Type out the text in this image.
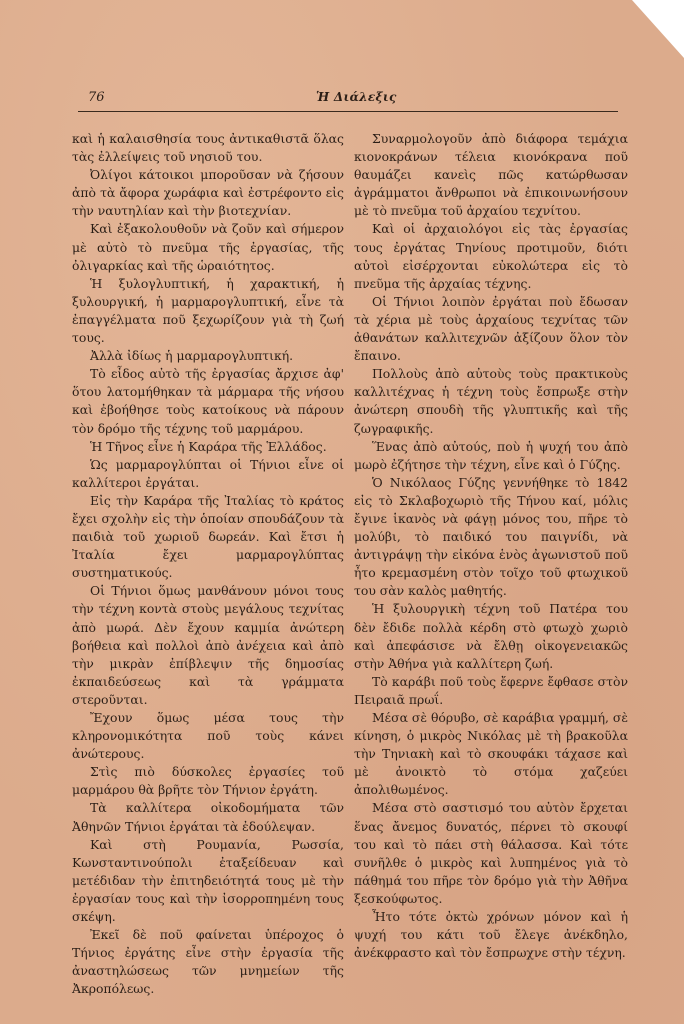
76	Ἡ Διάλεξις

καὶ ἡ καλαισθησία τους ἀντικαθιστᾶ ὅλας τὰς ἐλλείψεις τοῦ νησιοῦ του.

Ὀλίγοι κάτοικοι μποροῦσαν νὰ ζήσουν ἀπὸ τὰ ἄφορα χωράφια καὶ ἐστρέφοντο εἰς τὴν ναυτηλίαν καὶ τὴν βιοτεχνίαν.

Καὶ ἐξακολουθοῦν νὰ ζοῦν καὶ σήμερον μὲ αὐτὸ τὸ πνεῦμα τῆς ἐργασίας, τῆς ὀλιγαρκίας καὶ τῆς ὡραιότητος.

Ἡ ξυλογλυπτική, ἡ χαρακτική, ἡ ξυλουργική, ἡ μαρμαρογλυπτική, εἶνε τὰ ἐπαγγέλματα ποῦ ξεχωρίζουν γιὰ τὴ ζωή τους.

Ἀλλὰ ἰδίως ἡ μαρμαρογλυπτική.

Τὸ εἶδος αὐτὸ τῆς ἐργασίας ἄρχισε ἀφ' ὅτου λατομήθηκαν τὰ μάρμαρα τῆς νήσου καὶ ἐβοήθησε τοὺς κατοίκους νὰ πάρουν τὸν δρόμο τῆς τέχνης τοῦ μαρμάρου.

Ἡ Τῆνος εἶνε ἡ Καράρα τῆς Ἑλλάδος.

Ὡς μαρμαρογλύπται οἱ Τήνιοι εἶνε οἱ καλλίτεροι ἐργάται.

Εἰς τὴν Καράρα τῆς Ἰταλίας τὸ κράτος ἔχει σχολὴν εἰς τὴν ὁποίαν σπουδάζουν τὰ παιδιὰ τοῦ χωριοῦ δωρεάν. Καὶ ἔτσι ἡ Ἰταλία ἔχει μαρμαρογλύπτας συστηματικούς.

Οἱ Τήνιοι ὅμως μανθάνουν μόνοι τους τὴν τέχνη κοντὰ στοὺς μεγάλους τεχνίτας ἀπὸ μωρά. Δὲν ἔχουν καμμία ἀνώτερη βοήθεια καὶ πολλοὶ ἀπὸ ἀνέχεια καὶ ἀπὸ τὴν μικρὰν ἐπίβλεψιν τῆς δημοσίας ἐκπαιδεύσεως καὶ τὰ γράμματα στεροῦνται.

Ἔχουν ὅμως μέσα τους τὴν κληρονομικότητα ποῦ τοὺς κάνει ἀνώτερους.

Στὶς πιὸ δύσκολες ἐργασίες τοῦ μαρμάρου θὰ βρῆτε τὸν Τήνιον ἐργάτη.

Τὰ καλλίτερα οἰκοδομήματα τῶν Ἀθηνῶν Τήνιοι ἐργάται τὰ ἐδούλεψαν.

Καὶ στὴ Ρουμανία, Ρωσσία, Κωνσταντινούπολι ἐταξείδευαν καὶ μετέδιδαν τὴν ἐπιτηδειότητά τους μὲ τὴν ἐργασίαν τους καὶ τὴν ἰσορροπημένη τους σκέψη.

Ἐκεῖ δὲ ποῦ φαίνεται ὑπέροχος ὁ Τήνιος ἐργάτης εἶνε στὴν ἐργασία τῆς ἀναστηλώσεως τῶν μνημείων τῆς Ἀκροπόλεως.

Συναρμολογοῦν ἀπὸ διάφορα τεμάχια κιονοκράνων τέλεια κιονόκρανα ποῦ θαυμάζει κανεὶς πῶς κατώρθωσαν ἀγράμματοι ἄνθρωποι νὰ ἐπικοινωνήσουν μὲ τὸ πνεῦμα τοῦ ἀρχαίου τεχνίτου.

Καὶ οἱ ἀρχαιολόγοι εἰς τὰς ἐργασίας τους ἐργάτας Τηνίους προτιμοῦν, διότι αὐτοὶ εἰσέρχονται εὐκολώτερα εἰς τὸ πνεῦμα τῆς ἀρχαίας τέχνης.

Οἱ Τήνιοι λοιπὸν ἐργάται ποὺ ἔδωσαν τὰ χέρια μὲ τοὺς ἀρχαίους τεχνίτας τῶν ἀθανάτων καλλιτεχνῶν ἀξίζουν ὅλον τὸν ἔπαινο.

Πολλοὺς ἀπὸ αὐτοὺς τοὺς πρακτικοὺς καλλιτέχνας ἡ τέχνη τοὺς ἔσπρωξε στὴν ἀνώτερη σπουδὴ τῆς γλυπτικῆς καὶ τῆς ζωγραφικῆς.

Ἕνας ἀπὸ αὐτούς, ποὺ ἡ ψυχή του ἀπὸ μωρὸ ἐζήτησε τὴν τέχνη, εἶνε καὶ ὁ Γύζης.

Ὁ Νικόλαος Γύζης γεννήθηκε τὸ 1842 εἰς τὸ Σκλαβοχωριὸ τῆς Τήνου καί, μόλις ἔγινε ἱκανὸς νὰ φάγῃ μόνος του, πῆρε τὸ μολύβι, τὸ παιδικό του παιγνίδι, νὰ ἀντιγράψῃ τὴν εἰκόνα ἑνὸς ἀγωνιστοῦ ποῦ ἦτο κρεμασμένη στὸν τοῖχο τοῦ φτωχικοῦ του σὰν καλὸς μαθητής.

Ἡ ξυλουργικὴ τέχνη τοῦ Πατέρα του δὲν ἔδιδε πολλὰ κέρδη στὸ φτωχὸ χωριὸ καὶ ἀπεφάσισε νὰ ἔλθῃ οἰκογενειακῶς στὴν Ἀθήνα γιὰ καλλίτερη ζωή.

Τὸ καράβι ποῦ τοὺς ἔφερνε ἔφθασε στὸν Πειραιᾶ πρωΐ.

Μέσα σὲ θόρυβο, σὲ καράβια γραμμή, σὲ κίνηση, ὁ μικρὸς Νικόλας μὲ τὴ βρακοῦλα τὴν Τηνιακὴ καὶ τὸ σκουφάκι τάχασε καὶ μὲ ἀνοικτὸ τὸ στόμα χαζεύει ἀπολιθωμένος.

Μέσα στὸ σαστισμό του αὐτὸν ἔρχεται ἕνας ἄνεμος δυνατός, πέρνει τὸ σκουφί του καὶ τὸ πάει στὴ θάλασσα. Καὶ τότε συνῆλθε ὁ μικρὸς καὶ λυπημένος γιὰ τὸ πάθημά του πῆρε τὸν δρόμο γιὰ τὴν Ἀθῆνα ξεσκούφωτος.

Ἦτο τότε ὀκτὼ χρόνων μόνον καὶ ἡ ψυχή του κάτι τοῦ ἔλεγε ἀνέκδηλο, ἀνέκφραστο καὶ τὸν ἔσπρωχνε στὴν τέχνη.
